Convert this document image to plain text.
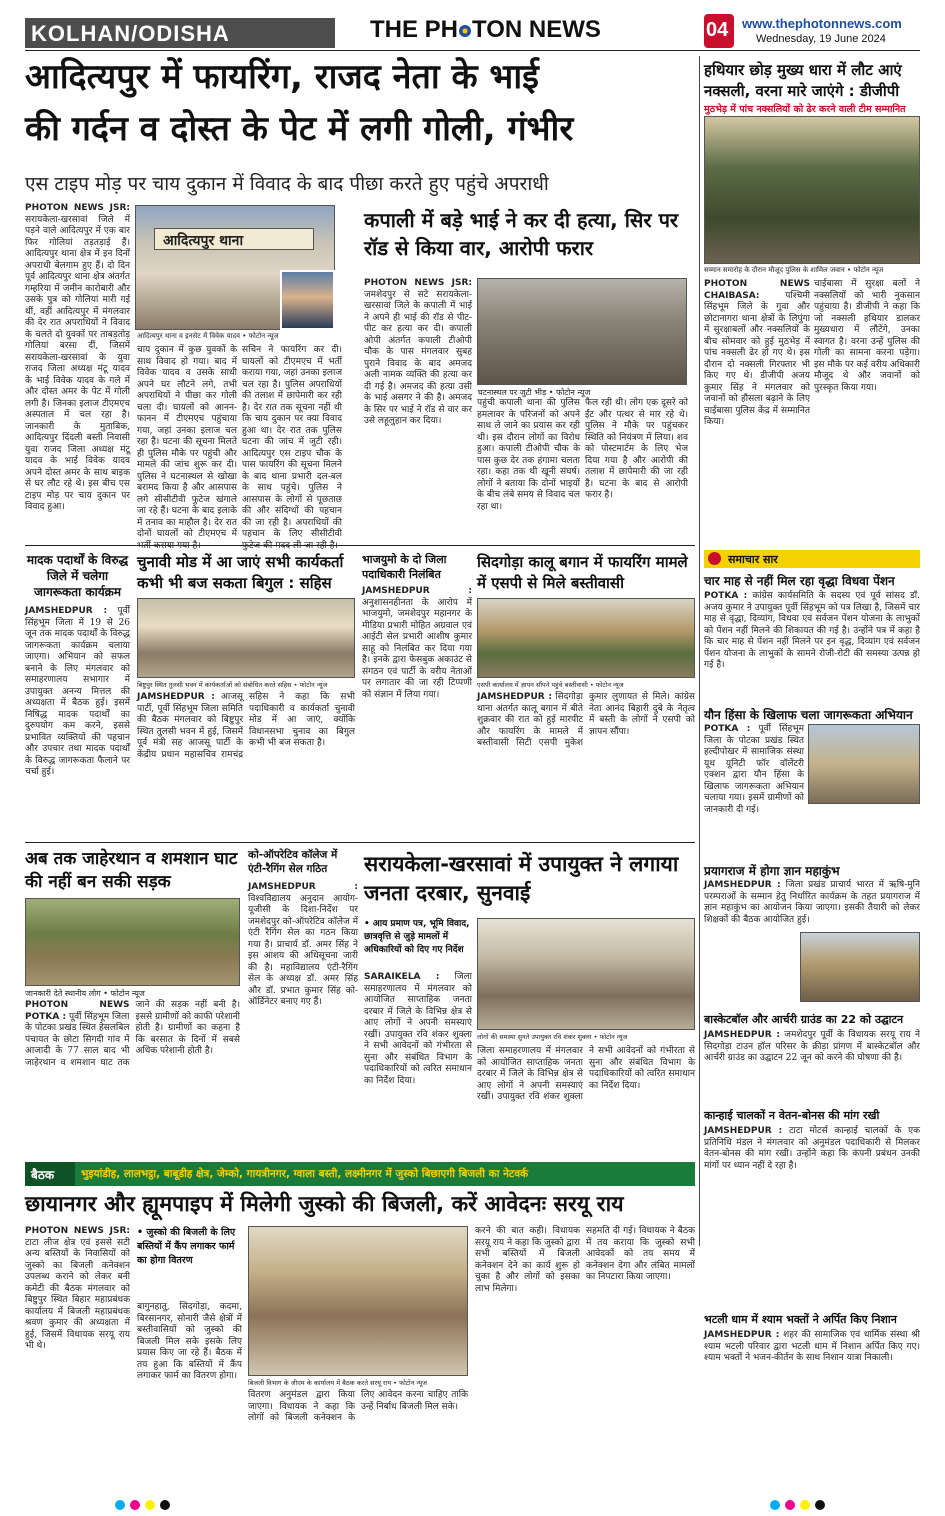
KOLHAN/ODISHA	THE PH TON NEWS	04 www.thephotonnews.com
Wednesday, 19 June 2024
आदित्यपुर में फायरिंग, राजद नेता के भाई
की गर्दन व दोस्त के पेट में लगी गोली, गंभीर
एस टाइप मोड़ पर चाय दुकान में विवाद के बाद पीछा करते हुए पहुंचे अपराधी
PHOTON NEWS JSR: सरायकेला-खरसावां जिले में पड़ने वाले आदित्यपुर में एक बार फिर गोलियां तड़तड़ाई हैं। आदित्यपुर थाना क्षेत्र में इन दिनों अपराधी बेलगाम हुए हैं। दो दिन पूर्व आदित्यपुर थाना क्षेत्र अंतर्गत गम्हरिया में जमीन कारोबारी और उसके पुत्र को गोलियां मारी गई थीं, वहीं आदित्यपुर में मंगलवार की देर रात अपराधियों ने विवाद के चलते दो युवकों पर ताबड़तोड़ गोलियां बरसा दीं, जिसमें सरायकेला-खरसावां के युवा राजद जिला अध्यक्ष मंटू यादव के भाई विवेक यादव के गले में और दोस्त अमर के पेट में गोली लगी है। जिनका इलाज टीएमएच अस्पताल में चल रहा है। जानकारी के मुताबिक, आदित्यपुर दिंदली बस्ती निवासी युवा राजद जिला अध्यक्ष मंटू यादव के भाई विवेक यादव अपने दोस्त अमर के साथ बाइक से घर लौट रहे थे। इस बीच एस टाइप मोड़ पर चाय दुकान पर विवाद हुआ।
आदित्यपुर थाना
आदित्यपुर थाना व इनसेट में विवेक यादव • फोटोन न्यूज
चाय दुकान में कुछ युवकों के साथ विवाद हो गया। बाद में विवेक यादव व उसके साथी अपने घर लौटने लगे, तभी अपराधियों ने पीछा कर गोली चला दी। घायलों को आनन-फानन में टीएमएच पहुंचाया गया, जहां उनका इलाज चल रहा है। घटना की सूचना मिलते ही पुलिस मौके पर पहुंची और मामले की जांच शुरू कर दी। पुलिस ने घटनास्थल से खोखा बरामद किया है और आसपास लगे सीसीटीवी फुटेज खंगाले जा रहे हैं। घटना के बाद इलाके में तनाव का माहौल है। देर रात दोनों घायलों को टीएमएच में
सचिन ने फायरिंग कर दी। घायलों को टीएमएच में भर्ती कराया गया, जहां उनका इलाज चल रहा है। पुलिस अपराधियों की तलाश में छापेमारी कर रही है। देर रात तक सूचना नहीं थी कि चाय दुकान पर क्या विवाद हुआ था। देर रात तक पुलिस घटना की जांच में जुटी रही। आदित्यपुर एस टाइप चौक के पास फायरिंग की सूचना मिलने के बाद थाना प्रभारी दल-बल के साथ पहुंचे। पुलिस ने आसपास के लोगों से पूछताछ की और संदिग्धों की पहचान की जा रही है। अपराधियों की पहचान के लिए सीसीटीवी
कपाली में बड़े भाई ने कर दी हत्या, सिर पर रॉड से किया वार, आरोपी फरार
PHOTON NEWS JSR: जमशेदपुर से सटे सरायकेला-खरसावां जिले के कपाली में भाई ने अपने ही भाई की रॉड से पीट-पीट कर हत्या कर दी। कपाली ओपी अंतर्गत कपाली टीओपी चौक के पास मंगलवार सुबह पुराने विवाद के बाद अमजद अली नामक व्यक्ति की हत्या कर दी गई है। अमजद की हत्या उसी के भाई असगर ने की है। अमजद के सिर पर भाई ने रॉड से वार कर उसे लहूलुहान कर दिया।
घटनास्थल पर जुटी भीड़ • फोटोन न्यूज
पहुंची कपाली थाना की पुलिस हमलावर के परिजनों को अपने साथ ले जाने का प्रयास कर रही थी। इस दौरान लोगों का विरोध हुआ। कपाली टीओपी चौक के पास कुछ देर तक हंगामा चलता रहा। कहा तक थी खूनी संघर्ष। लोगों ने बताया कि दोनों भाइयों के बीच लंबे समय से विवाद चल रहा था।
फैल रही थी। लोग एक दूसरे को ईंट और पत्थर से मार रहे थे। पुलिस ने मौके पर पहुंचकर स्थिति को नियंत्रण में लिया। शव को पोस्टमार्टम के लिए भेज दिया गया है और आरोपी की तलाश में छापेमारी की जा रही है। घटना के बाद से आरोपी फरार है।
हथियार छोड़ मुख्य धारा में लौट आएं नक्सली, वरना मारे जाएंगे : डीजीपी
मुठभेड़ में पांच नक्सलियों को ढेर करने वाली टीम सम्मानित
सम्मान समारोह के दौरान मौजूद पुलिस के शामिल जवान • फोटोन न्यूज
PHOTON NEWS CHAIBASA:	पश्चिमी सिंहभूम जिले के गुवा और छोटानागरा थाना क्षेत्रों के लिपुंगा में सुरक्षाबलों और नक्सलियों के बीच सोमवार को हुई मुठभेड़ में पांच नक्सली ढेर हो गए थे। इस दौरान दो नक्सली गिरफ्तार भी किए गए थे। डीजीपी अजय कुमार सिंह ने मंगलवार को जवानों को हौसला बढ़ाने के लिए चाईबासा पुलिस केंद्र में सम्मानित किया।
चाईबासा में सुरक्षा बलों ने नक्सलियों को भारी नुकसान पहुंचाया है। डीजीपी ने कहा कि जो नक्सली हथियार डालकर मुख्यधारा में लौटेंगे, उनका स्वागत है। वरना उन्हें पुलिस की गोली का सामना करना पड़ेगा। इस मौके पर कई वरीय अधिकारी मौजूद थे और जवानों को पुरस्कृत किया गया।
समाचार सार
चार माह से नहीं मिल रहा वृद्धा विधवा पेंशन
POTKA : कांग्रेस कार्यसमिति के सदस्य एवं पूर्व सांसद डॉ. अजय कुमार ने उपायुक्त पूर्वी सिंहभूम को पत्र लिखा है, जिसमें चार माह से वृद्धा, दिव्यांग, विधवा एवं सर्वजन पेंशन योजना के लाभुकों को पेंशन नहीं मिलने की शिकायत की गई है। उन्होंने पत्र में कहा है कि चार माह से पेंशन नहीं मिलने पर इन वृद्ध, दिव्यांग एवं सर्वजन पेंशन योजना के लाभुकों के सामने रोजी-रोटी की समस्या उत्पन्न हो गई है।
यौन हिंसा के खिलाफ चला जागरूकता अभियान
POTKA : पूर्वी सिंहभूम जिला के पोटका प्रखंड स्थित हल्दीपोखर में सामाजिक संस्था यूथ यूनिटी फॉर वॉलेंटरी एक्शन द्वारा यौन हिंसा के खिलाफ जागरूकता अभियान चलाया गया। इसमें ग्रामीणों को जानकारी दी गई।
प्रयागराज में होगा ज्ञान महाकुंभ
JAMSHEDPUR : जिला प्रखंड प्राचार्य भारत में ऋषि-मुनि परम्पराओं के सम्मान हेतु निर्धारित कार्यक्रम के तहत प्रयागराज में ज्ञान महाकुंभ का आयोजन किया जाएगा। इसकी तैयारी को लेकर शिक्षकों की बैठक आयोजित हुई।
बास्केटबॉल और आर्चरी ग्राउंड का 22 को उद्घाटन
JAMSHEDPUR : जमशेदपुर पूर्वी के विधायक सरयू राय ने सिदगोड़ा टाउन हॉल परिसर के क्रीड़ा प्रांगण में बास्केटबॉल और आर्चरी ग्राउंड का उद्घाटन 22 जून को करने की घोषणा की है।
कान्हाई चालकों न वेतन-बोनस की मांग रखी
JAMSHEDPUR : टाटा मोटर्स कान्हाई चालकों के एक प्रतिनिधि मंडल ने मंगलवार को अनुमंडल पदाधिकारी से मिलकर वेतन-बोनस की मांग रखी। उन्होंने कहा कि कंपनी प्रबंधन उनकी मांगों पर ध्यान नहीं दे रहा है।
भटली धाम में श्याम भक्तों ने अर्पित किए निशान
JAMSHEDPUR : शहर की सामाजिक एवं धार्मिक संस्था श्री श्याम भटली परिवार द्वारा भटली धाम में निशान अर्पित किए गए। श्याम भक्तों ने भजन-कीर्तन के साथ निशान यात्रा निकाली।
मादक पदार्थों के विरुद्ध जिले में चलेगा जागरूकता कार्यक्रम
JAMSHEDPUR : पूर्वी सिंहभूम जिला में 19 से 26 जून तक मादक पदार्थों के विरुद्ध जागरूकता कार्यक्रम चलाया जाएगा। अभियान को सफल बनाने के लिए मंगलवार को समाहरणालय सभागार में उपायुक्त अनन्य मित्तल की अध्यक्षता में बैठक हुई। इसमें निषिद्ध मादक पदार्थों का दुरुपयोग कम करने, इससे प्रभावित व्यक्तियों की पहचान और उपचार तथा मादक पदार्थों के विरुद्ध जागरूकता फैलाने पर चर्चा हुई।
चुनावी मोड में आ जाएं सभी कार्यकर्ता कभी भी बज सकता बिगुल : सहिस
बिष्टुपुर स्थित तुलसी भवन में कार्यकर्ताओं को संबोधित करते सहिस • फोटोन न्यूज
JAMSHEDPUR : आजसू पार्टी, पूर्वी सिंहभूम जिला समिति की बैठक मंगलवार को बिष्टुपुर स्थित तुलसी भवन में हुई, जिसमें पूर्व मंत्री सह आजसू पार्टी के केंद्रीय प्रधान महासचिव रामचंद्र सहिस ने कहा कि सभी पदाधिकारी व कार्यकर्ता चुनावी मोड में आ जाएं, क्योंकि विधानसभा चुनाव का बिगुल कभी भी बज सकता है।
भाजयुमो के दो जिला पदाधिकारी निलंबित
JAMSHEDPUR : अनुशासनहीनता के आरोप में भाजयुमो, जमशेदपुर महानगर के मीडिया प्रभारी मोहित अग्रवाल एवं आईटी सेल प्रभारी आशीष कुमार साहू को निलंबित कर दिया गया है। इनके द्वारा फेसबुक अकाउंट से संगठन एवं पार्टी के वरीय नेताओं पर लगातार की जा रही टिप्पणी को संज्ञान में लिया गया।
सिदगोड़ा कालू बगान में फायरिंग मामले में एसपी से मिले बस्तीवासी
एसपी कार्यालय में ज्ञापन सौंपने पहुंचे बस्तीवासी • फोटोन न्यूज
JAMSHEDPUR : सिदगोड़ा थाना अंतर्गत कालू बगान में बीते शुक्रवार की रात को हुई मारपीट और फायरिंग के मामले में बस्तीवासी सिटी एसपी मुकेश कुमार लुणायत से मिले। कांग्रेस नेता आनंद बिहारी दुबे के नेतृत्व में बस्ती के लोगों ने एसपी को ज्ञापन सौंपा।
अब तक जाहेरथान व शमशान घाट की नहीं बन सकी सड़क
जानकारी देते स्थानीय लोग • फोटोन न्यूज
PHOTON NEWS POTKA : पूर्वी सिंहभूम जिला के पोटका प्रखंड स्थित हेसलबिल पंचायत के छोटा सिगदी गांव में आजादी के 77 साल बाद भी जाहेरथान व शमशान घाट तक जाने की सड़क नहीं बनी है। इससे ग्रामीणों को काफी परेशानी होती है। ग्रामीणों का कहना है कि बरसात के दिनों में सबसे अधिक परेशानी होती है।
को-ऑपरेटिव कॉलेज में एंटी-रैगिंग सेल गठित
JAMSHEDPUR : विश्वविद्यालय अनुदान आयोग-यूजीसी के दिशा-निर्देश पर जमशेदपुर को-ऑपरेटिव कॉलेज में एंटी रैगिंग सेल का गठन किया गया है। प्राचार्य डॉ. अमर सिंह ने इस आशय की अधिसूचना जारी की है। महाविद्यालय एंटी-रैगिंग सेल के अध्यक्ष डॉ. अमर सिंह और डॉ. प्रभात कुमार सिंह को-ऑर्डिनेटर बनाए गए हैं।
सरायकेला-खरसावां में उपायुक्त ने लगाया जनता दरबार, सुनवाई
• आय प्रमाण पत्र, भूमि विवाद, छात्रवृत्ति से जुड़े मामलों में अधिकारियों को दिए गए निर्देश
SARAIKELA : जिला समाहरणालय में मंगलवार को आयोजित साप्ताहिक जनता दरबार में जिले के विभिन्न क्षेत्र से आए लोगों ने अपनी समस्याएं रखीं। उपायुक्त रवि शंकर शुक्ला ने सभी आवेदनों को गंभीरता से सुना और संबंधित विभाग के पदाधिकारियों को त्वरित समाधान का निर्देश दिया।
लोगों की समस्या सुनते उपायुक्त रवि शंकर शुक्ला • फोटोन न्यूज
जिला समाहरणालय में मंगलवार को आयोजित साप्ताहिक जनता दरबार में जिले के विभिन्न क्षेत्र से आए लोगों ने अपनी समस्याएं रखीं। उपायुक्त रवि शंकर शुक्ला ने सभी आवेदनों को गंभीरता से सुना और संबंधित विभाग के पदाधिकारियों को त्वरित समाधान का निर्देश दिया।
बैठक	भुइयांडीह, लालभट्ठा, बाबूडीह क्षेत्र, जेम्को, गायत्रीनगर, ग्वाला बस्ती, लक्ष्मीनगर में जुस्को बिछाएगी बिजली का नेटवर्क
छायानगर और ह्यूमपाइप में मिलेगी जुस्को की बिजली, करें आवेदनः सरयू राय
PHOTON NEWS JSR: टाटा लीज क्षेत्र एवं इससे सटी अन्य बस्तियों के निवासियों को जुस्को का बिजली कनेक्शन उपलब्ध कराने को लेकर बनी कमेटी की बैठक मंगलवार को बिष्टुपुर स्थित बिहार महाप्रबंधक कार्यालय में बिजली महाप्रबंधक श्रवण कुमार की अध्यक्षता में हुई, जिसमें विधायक सरयू राय भी थे।
• जुस्को की बिजली के लिए बस्तियों में कैंप लगाकर फार्म का होगा वितरण
बागुनहातु, सिदगोड़ा, कदमा, बिरसानगर, सोनारी जैसे क्षेत्रों में बस्तीवासियों को जुस्को की बिजली मिल सके इसके लिए प्रयास किए जा रहे हैं। बैठक में तय हुआ कि बस्तियों में कैंप लगाकर फार्म का वितरण होगा।
बिजली विभाग के जीएम के कार्यालय में बैठक करते सरयू राय • फोटोन न्यूज
वितरण अनुमंडल द्वारा किया जाएगा। विधायक ने कहा कि लोगों को बिजली कनेक्शन के लिए आवेदन करना चाहिए ताकि उन्हें निर्बाध बिजली मिल सके।
करने की बात कही। विधायक सरयू राय ने कहा कि जुस्को द्वारा सभी बस्तियों में बिजली कनेक्शन देने का कार्य शुरू हो चुका है और लोगों को इसका लाभ मिलेगा।
सहमति दी गई। विधायक ने बैठक में तय कराया कि जुस्को सभी आवेदकों को तय समय में कनेक्शन देगा और लंबित मामलों का निपटारा किया जाएगा।
